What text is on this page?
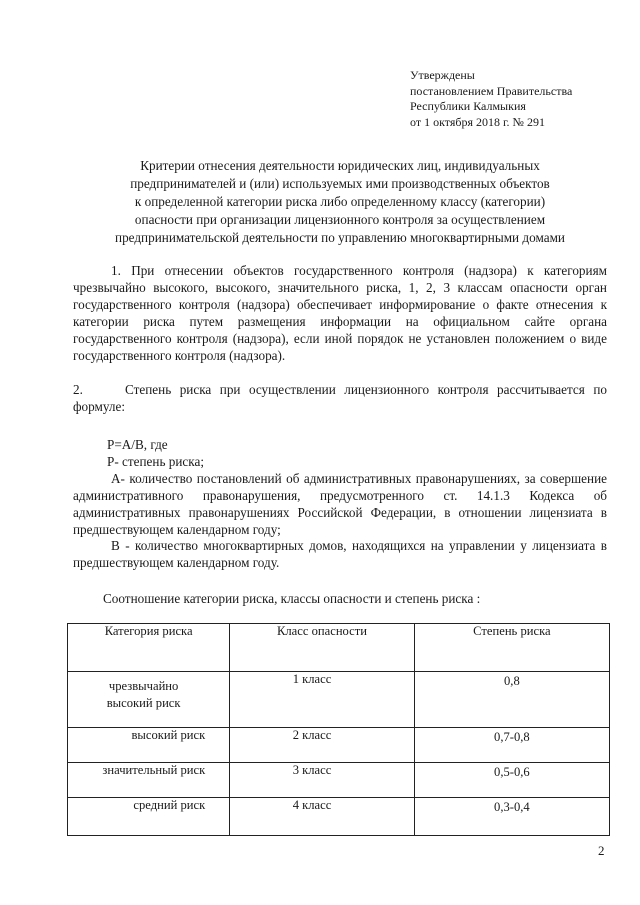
Утверждены
постановлением Правительства
Республики Калмыкия
от 1 октября 2018 г. № 291
Критерии отнесения деятельности юридических лиц, индивидуальных
предпринимателей и (или) используемых ими производственных объектов
к определенной категории риска либо определенному классу (категории)
опасности при организации лицензионного контроля за осуществлением
предпринимательской деятельности по управлению многоквартирными домами
1. При отнесении объектов государственного контроля (надзора) к категориям чрезвычайно высокого, высокого, значительного риска, 1, 2, 3 классам опасности орган государственного контроля (надзора) обеспечивает информирование о факте отнесения к категории риска путем размещения информации на официальном сайте органа государственного контроля (надзора), если иной порядок не установлен положением о виде государственного контроля (надзора).
2.	Степень риска при осуществлении лицензионного контроля рассчитывается по формуле:
Р=А/В, где
Р- степень риска;
А- количество постановлений об административных правонарушениях, за совершение административного правонарушения, предусмотренного ст. 14.1.3 Кодекса об административных правонарушениях Российской Федерации, в отношении лицензиата в предшествующем календарном году;
В - количество многоквартирных домов, находящихся на управлении у лицензиата в предшествующем календарном году.
Соотношение категории риска, классы опасности и степень риска :
Категория риска	Класс опасности	Степень риска

чрезвычайно
высокий риск	1 класс	0,8
высокий риск	2 класс	0,7-0,8
значительный риск	3 класс	0,5-0,6
средний риск	4 класс	0,3-0,4
2
